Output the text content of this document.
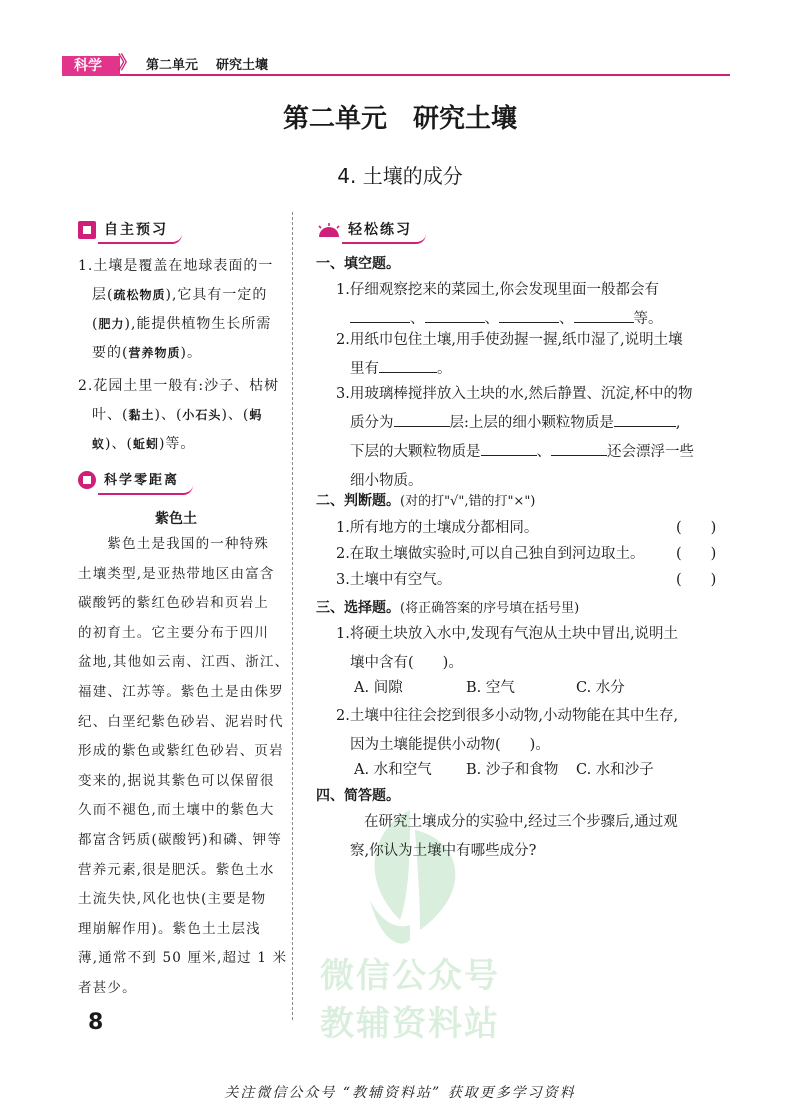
科学 》 第二单元 研究土壤
第二单元　研究土壤
4. 土壤的成分
自主预习
1.土壤是覆盖在地球表面的一
层(疏松物质),它具有一定的
(肥力),能提供植物生长所需
要的(营养物质)。
2.花园土里一般有:沙子、枯树
叶、(黏土)、(小石头)、(蚂
蚁)、(蚯蚓)等。
科学零距离
紫色土
　　紫色土是我国的一种特殊
土壤类型,是亚热带地区由富含
碳酸钙的紫红色砂岩和页岩上
的初育土。它主要分布于四川
盆地,其他如云南、江西、浙江、
福建、江苏等。紫色土是由侏罗
纪、白垩纪紫色砂岩、泥岩时代
形成的紫色或紫红色砂岩、页岩
变来的,据说其紫色可以保留很
久而不褪色,而土壤中的紫色大
都富含钙质(碳酸钙)和磷、钾等
营养元素,很是肥沃。紫色土水
土流失快,风化也快(主要是物
理崩解作用)。紫色土土层浅
薄,通常不到 50 厘米,超过 1 米
者甚少。
8
微信公众号
教辅资料站
轻松练习
一、填空题。
1.仔细观察挖来的菜园土,你会发现里面一般都会有
、	、	、	等。
2.用纸巾包住土壤,用手使劲握一握,纸巾湿了,说明土壤
里有	。
3.用玻璃棒搅拌放入土块的水,然后静置、沉淀,杯中的物
质分为	层:上层的细小颗粒物质是	,
下层的大颗粒物质是	、	还会漂浮一些
细小物质。
二、判断题。(对的打"√",错的打"×")
1.所有地方的土壤成分都相同。	(　　)
2.在取土壤做实验时,可以自己独自到河边取土。 (　　)
3.土壤中有空气。	(　　)
三、选择题。(将正确答案的序号填在括号里)
1.将硬土块放入水中,发现有气泡从土块中冒出,说明土
壤中含有(　　)。
A. 间隙	B. 空气	C. 水分
2.土壤中往往会挖到很多小动物,小动物能在其中生存,
因为土壤能提供小动物(　　)。
A. 水和空气 B. 沙子和食物 C. 水和沙子
四、简答题。
在研究土壤成分的实验中,经过三个步骤后,通过观
察,你认为土壤中有哪些成分?
关注微信公众号 “教辅资料站” 获取更多学习资料
